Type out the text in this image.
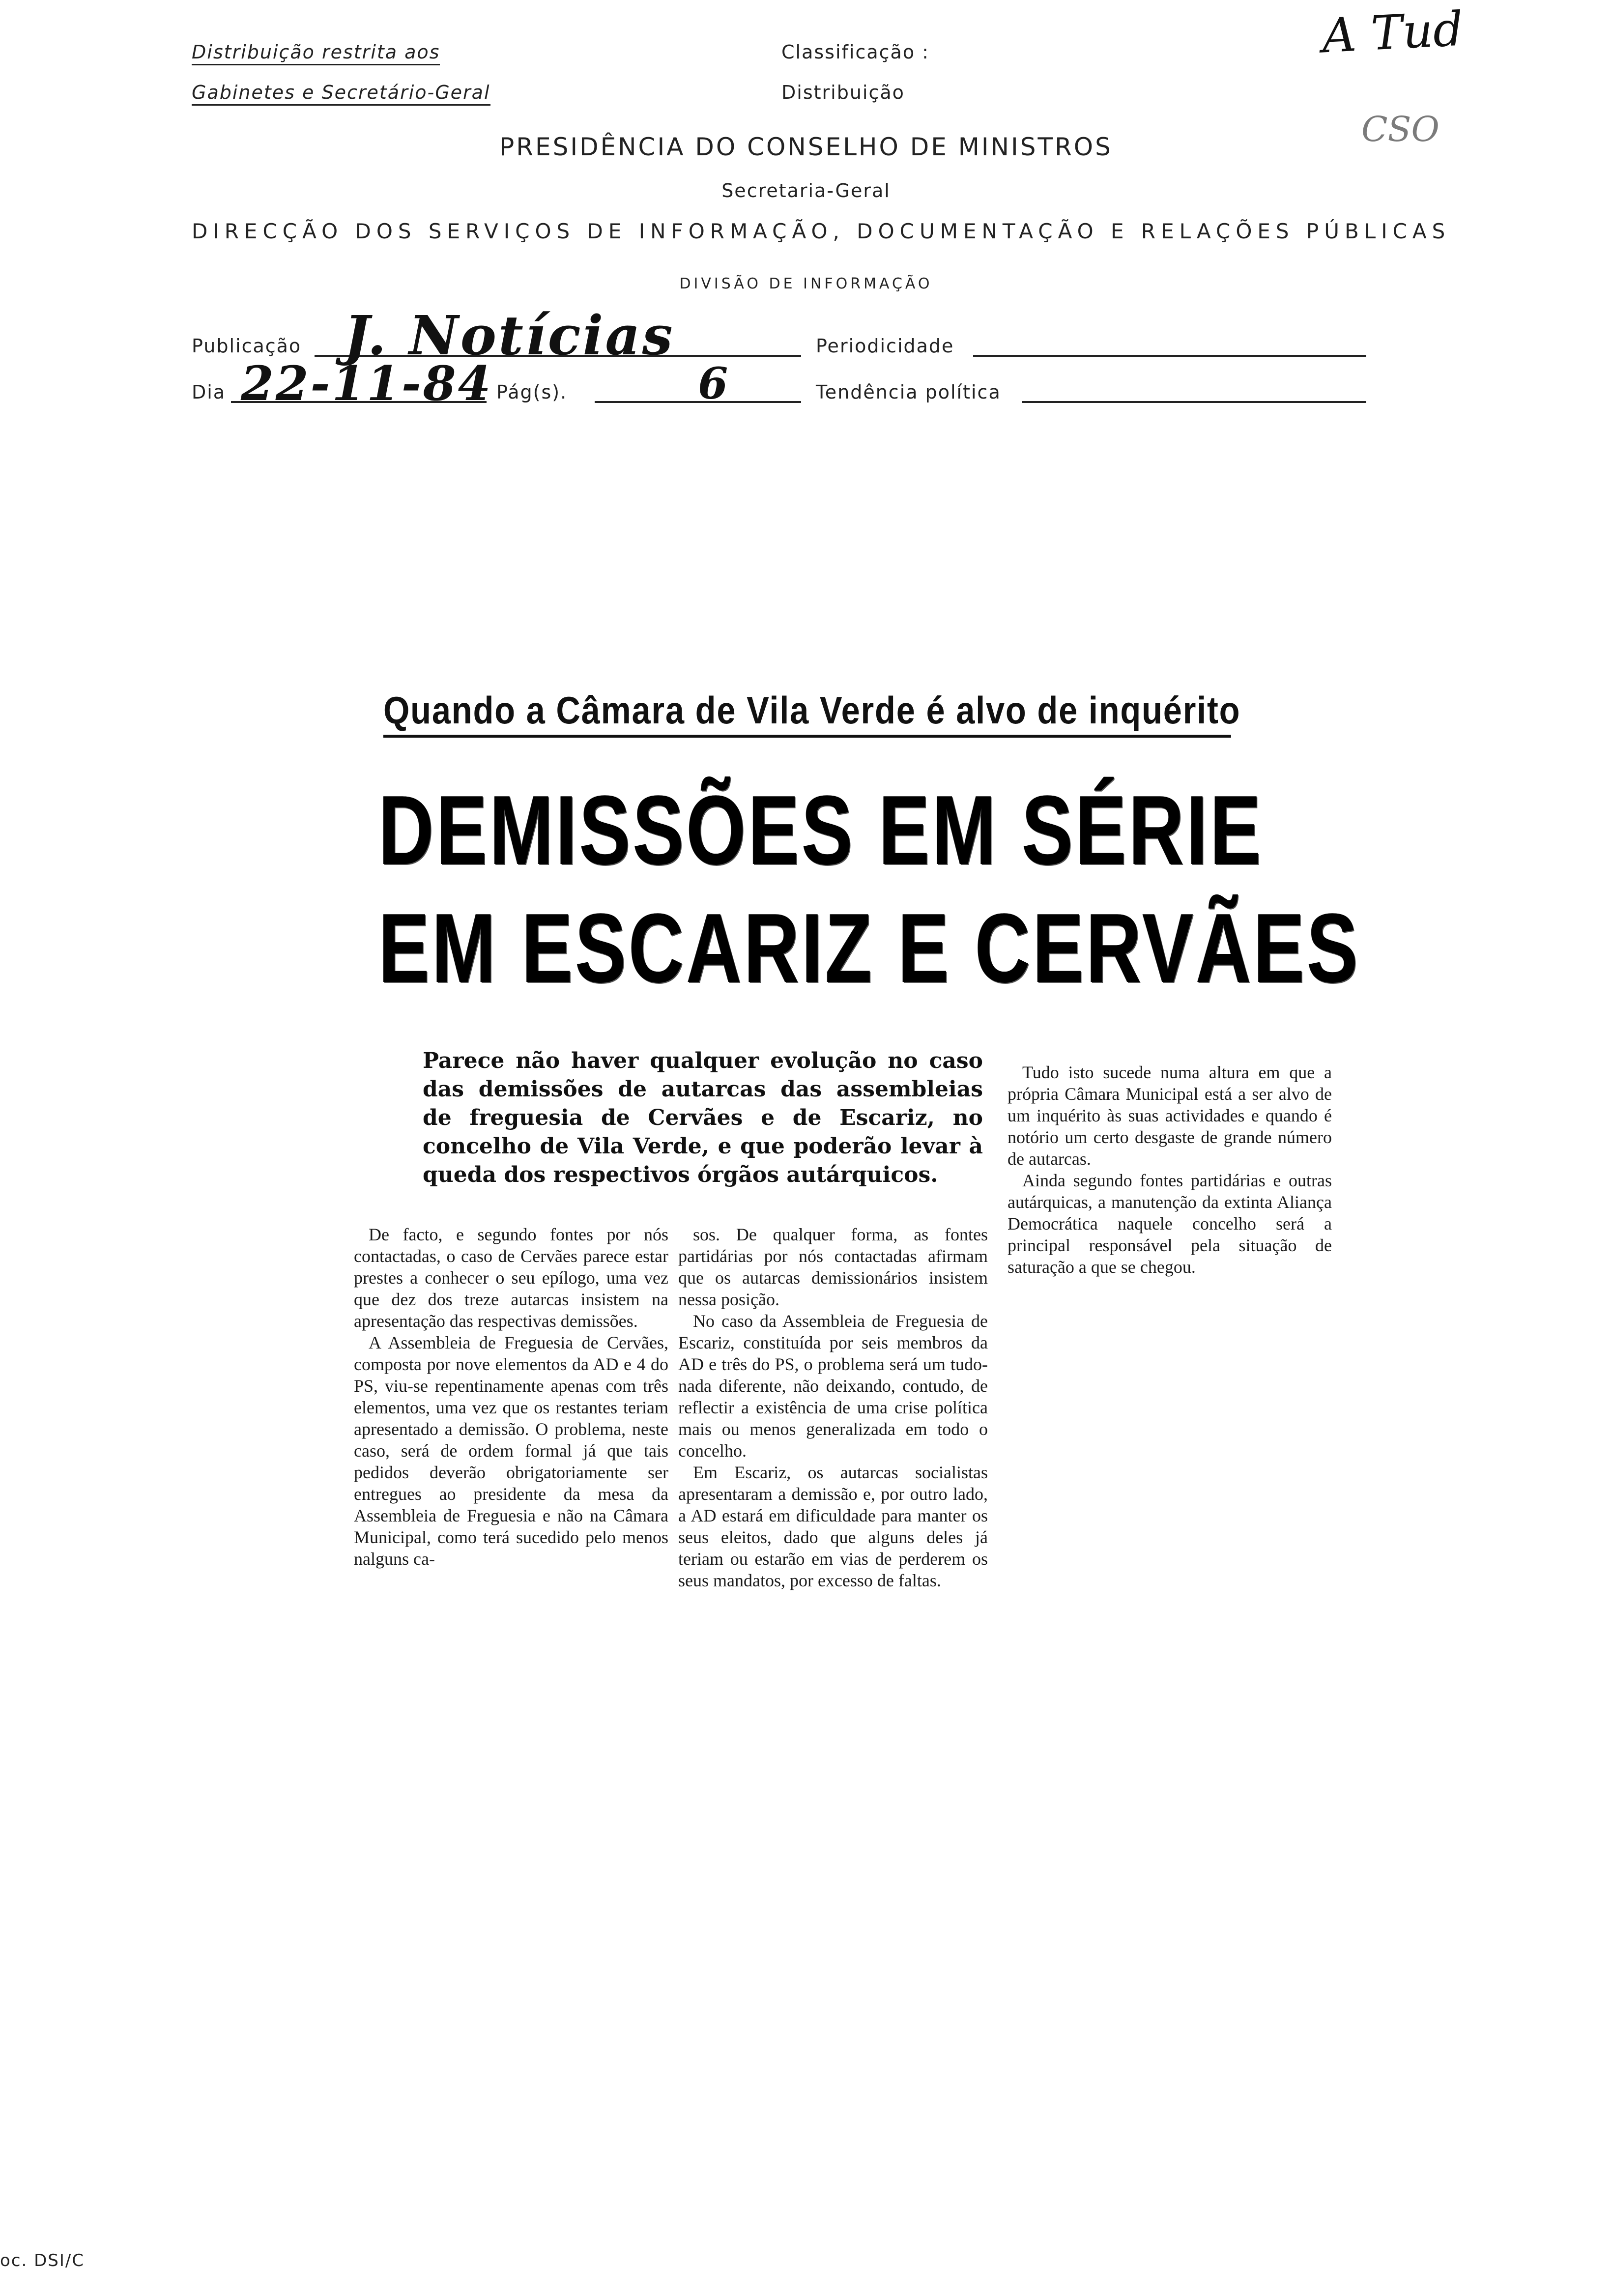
Distribuição restrita aos
Gabinetes e Secretário-Geral
Classificação :
Distribuição
A Tud
CSO
PRESIDÊNCIA DO CONSELHO DE MINISTROS
Secretaria-Geral
DIRECÇÃO DOS SERVIÇOS DE INFORMAÇÃO, DOCUMENTAÇÃO E RELAÇÕES PÚBLICAS
DIVISÃO DE INFORMAÇÃO
Publicação J. Notícias	Periodicidade
Dia 22-11-84 Pág(s).	6	Tendência política
Quando a Câmara de Vila Verde é alvo de inquérito
DEMISSÕES EM SÉRIE
EM ESCARIZ E CERVÃES
Parece não haver qualquer evolução no caso das demissões de autarcas das assembleias de freguesia de Cervães e de Escariz, no concelho de Vila Verde, e que poderão levar à queda dos respectivos órgãos autárquicos.

De facto, e segundo fontes por nós contactadas, o caso de Cervães parece estar prestes a conhecer o seu epílogo, uma vez que dez dos treze autarcas insistem na apresentação das respectivas demissões.

A Assembleia de Freguesia de Cervães, composta por nove elementos da AD e 4 do PS, viu-se repentinamente apenas com três elementos, uma vez que os restantes teriam apresentado a demissão. O problema, neste caso, será de ordem formal já que tais pedidos deverão obrigatoriamente ser entregues ao presidente da mesa da Assembleia de Freguesia e não na Câmara Municipal, como terá sucedido pelo menos nalguns ca-

sos. De qualquer forma, as fontes partidárias por nós contactadas afirmam que os autarcas demissionários insistem nessa posição.

No caso da Assembleia de Freguesia de Escariz, constituída por seis membros da AD e três do PS, o problema será um tudo-nada diferente, não deixando, contudo, de reflectir a existência de uma crise política mais ou menos generalizada em todo o concelho.

Em Escariz, os autarcas socialistas apresentaram a demissão e, por outro lado, a AD estará em dificuldade para manter os seus eleitos, dado que alguns deles já teriam ou estarão em vias de perderem os seus mandatos, por excesso de faltas.

Tudo isto sucede numa altura em que a própria Câmara Municipal está a ser alvo de um inquérito às suas actividades e quando é notório um certo desgaste de grande número de autarcas.

Ainda segundo fontes partidárias e outras autárquicas, a manutenção da extinta Aliança Democrática naquele concelho será a principal responsável pela situação de saturação a que se chegou.

oc. DSI/C
